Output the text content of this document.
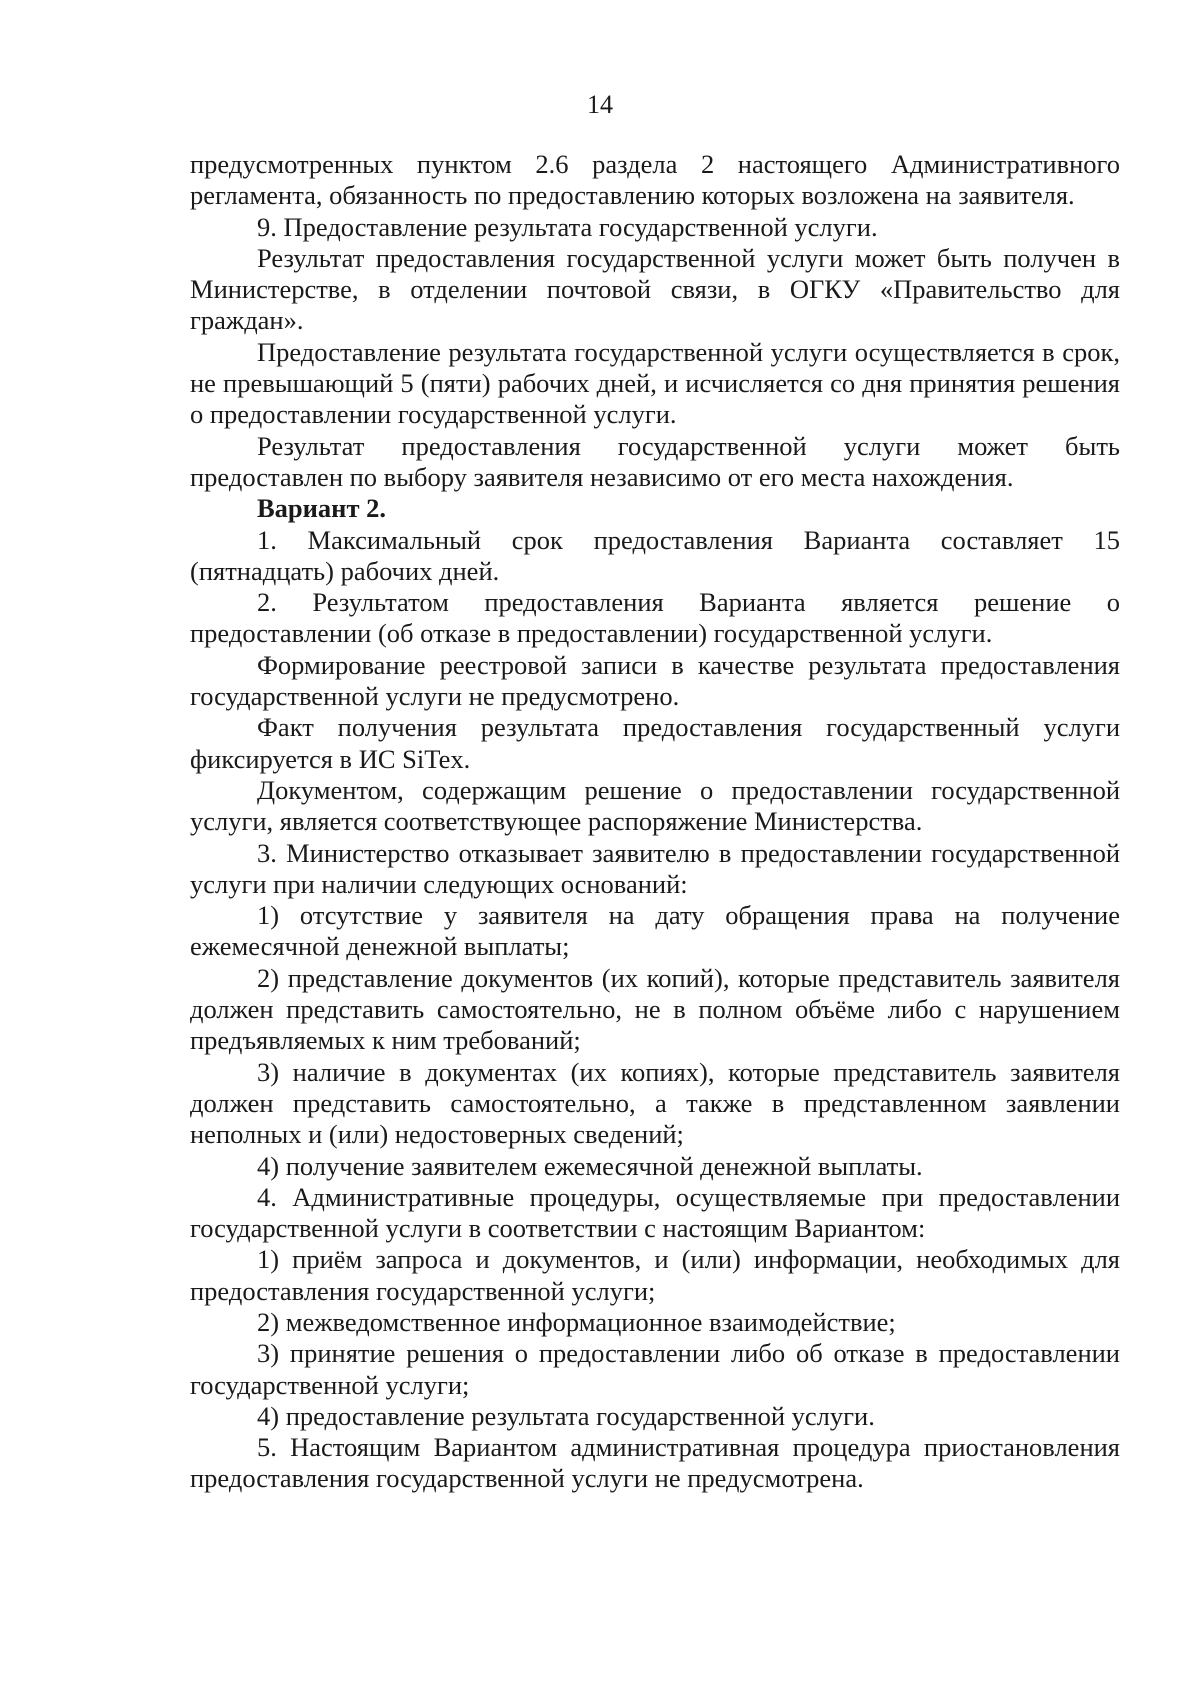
14

предусмотренных пунктом 2.6 раздела 2 настоящего Административного регламента, обязанность по предоставлению которых возложена на заявителя.

9. Предоставление результата государственной услуги.

Результат предоставления государственной услуги может быть получен в Министерстве, в отделении почтовой связи, в ОГКУ «Правительство для граждан».

Предоставление результата государственной услуги осуществляется в срок, не превышающий 5 (пяти) рабочих дней, и исчисляется со дня принятия решения о предоставлении государственной услуги.

Результат предоставления государственной услуги может быть предоставлен по выбору заявителя независимо от его места нахождения.

Вариант 2.

1. Максимальный срок предоставления Варианта составляет 15 (пятнадцать) рабочих дней.

2. Результатом предоставления Варианта является решение о предоставлении (об отказе в предоставлении) государственной услуги.

Формирование реестровой записи в качестве результата предоставления государственной услуги не предусмотрено.

Факт получения результата предоставления государственный услуги фиксируется в ИС SiTex.

Документом, содержащим решение о предоставлении государственной услуги, является соответствующее распоряжение Министерства.

3. Министерство отказывает заявителю в предоставлении государственной услуги при наличии следующих оснований:

1) отсутствие у заявителя на дату обращения права на получение ежемесячной денежной выплаты;

2) представление документов (их копий), которые представитель заявителя должен представить самостоятельно, не в полном объёме либо с нарушением предъявляемых к ним требований;

3) наличие в документах (их копиях), которые представитель заявителя должен представить самостоятельно, а также в представленном заявлении неполных и (или) недостоверных сведений;

4) получение заявителем ежемесячной денежной выплаты.

4. Административные процедуры, осуществляемые при предоставлении государственной услуги в соответствии с настоящим Вариантом:

1) приём запроса и документов, и (или) информации, необходимых для предоставления государственной услуги;

2) межведомственное информационное взаимодействие;

3) принятие решения о предоставлении либо об отказе в предоставлении государственной услуги;

4) предоставление результата государственной услуги.

5. Настоящим Вариантом административная процедура приостановления предоставления государственной услуги не предусмотрена.
